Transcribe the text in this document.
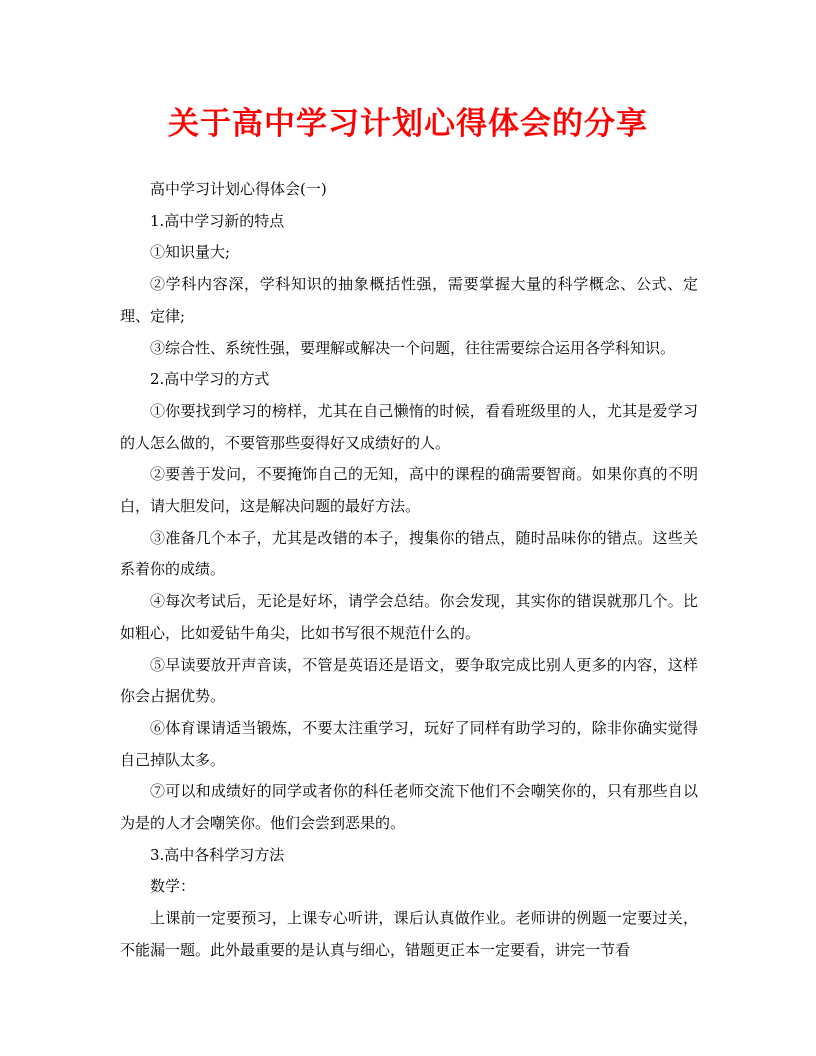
关于高中学习计划心得体会的分享

高中学习计划心得体会(一)

1.高中学习新的特点

①知识量大;

②学科内容深，学科知识的抽象概括性强，需要掌握大量的科学概念、公式、定理、定律;

③综合性、系统性强，要理解或解决一个问题，往往需要综合运用各学科知识。

2.高中学习的方式

①你要找到学习的榜样，尤其在自己懒惰的时候，看看班级里的人，尤其是爱学习的人怎么做的，不要管那些耍得好又成绩好的人。

②要善于发问，不要掩饰自己的无知，高中的课程的确需要智商。如果你真的不明白，请大胆发问，这是解决问题的最好方法。

③准备几个本子，尤其是改错的本子，搜集你的错点，随时品味你的错点。这些关系着你的成绩。

④每次考试后，无论是好坏，请学会总结。你会发现，其实你的错误就那几个。比如粗心，比如爱钻牛角尖，比如书写很不规范什么的。

⑤早读要放开声音读，不管是英语还是语文，要争取完成比别人更多的内容，这样你会占据优势。

⑥体育课请适当锻炼，不要太注重学习，玩好了同样有助学习的，除非你确实觉得自己掉队太多。

⑦可以和成绩好的同学或者你的科任老师交流下他们不会嘲笑你的，只有那些自以为是的人才会嘲笑你。他们会尝到恶果的。

3.高中各科学习方法

数学：

上课前一定要预习，上课专心听讲，课后认真做作业。老师讲的例题一定要过关，不能漏一题。此外最重要的是认真与细心，错题更正本一定要看，讲完一节看
